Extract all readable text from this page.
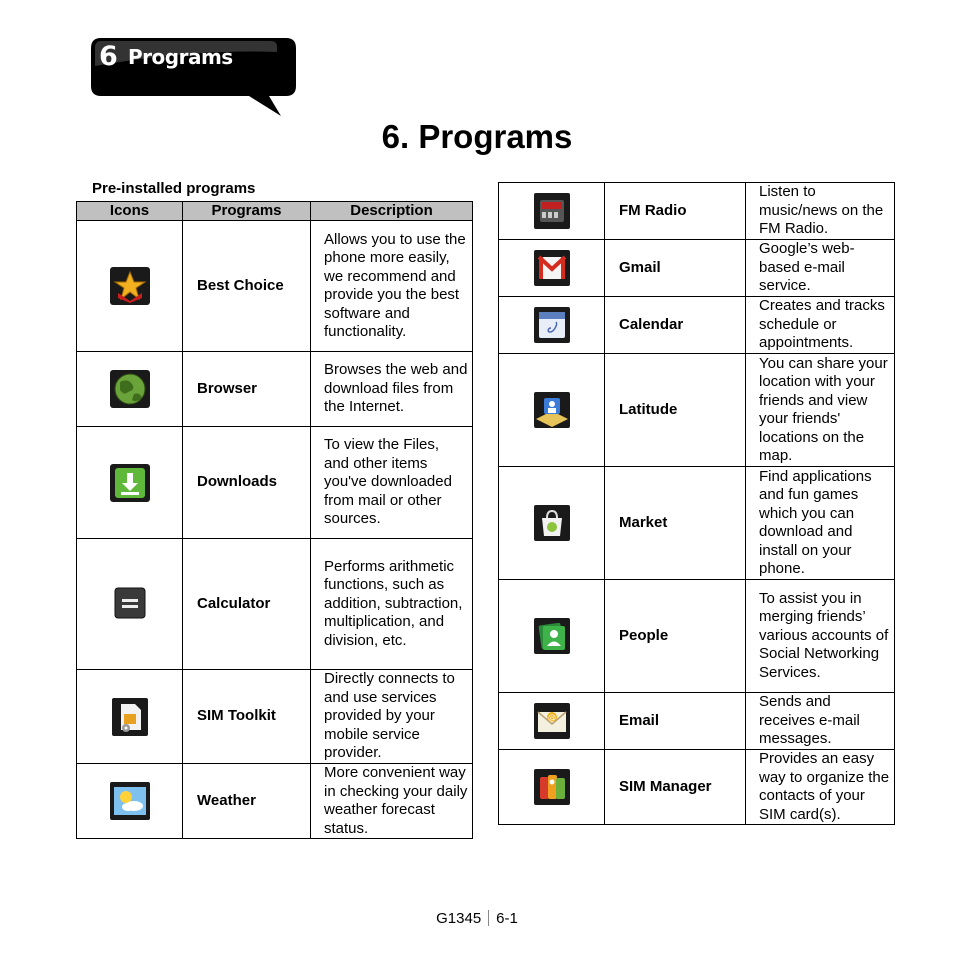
6 Programs
6. Programs
Pre-installed programs
Icons	Programs	Description

	Best Choice	Allows you to use the phone more easily, we recommend and provide you the best software and functionality.

	Browser	Browses the web and download files from the Internet.

	Downloads	To view the Files, and other items you've downloaded from mail or other sources.

	Calculator	Performs arithmetic functions, such as addition, subtraction, multiplication, and division, etc.

	SIM Toolkit	Directly connects to and use services provided by your mobile service provider.

	Weather	More convenient way in checking your daily weather forecast status.
	FM Radio	Listen to music/news on the FM Radio.

	Gmail	Google’s web-based e-mail service.

	Calendar	Creates and tracks schedule or appointments.

	Latitude	You can share your location with your friends and view your friends' locations on the map.

	Market	Find applications and fun games which you can download and install on your phone.

	People	To assist you in merging friends’ various accounts of Social Networking Services.

@	Email	Sends and receives e-mail messages.

	SIM Manager	Provides an easy way to organize the contacts of your SIM card(s).
G1345 6-1
